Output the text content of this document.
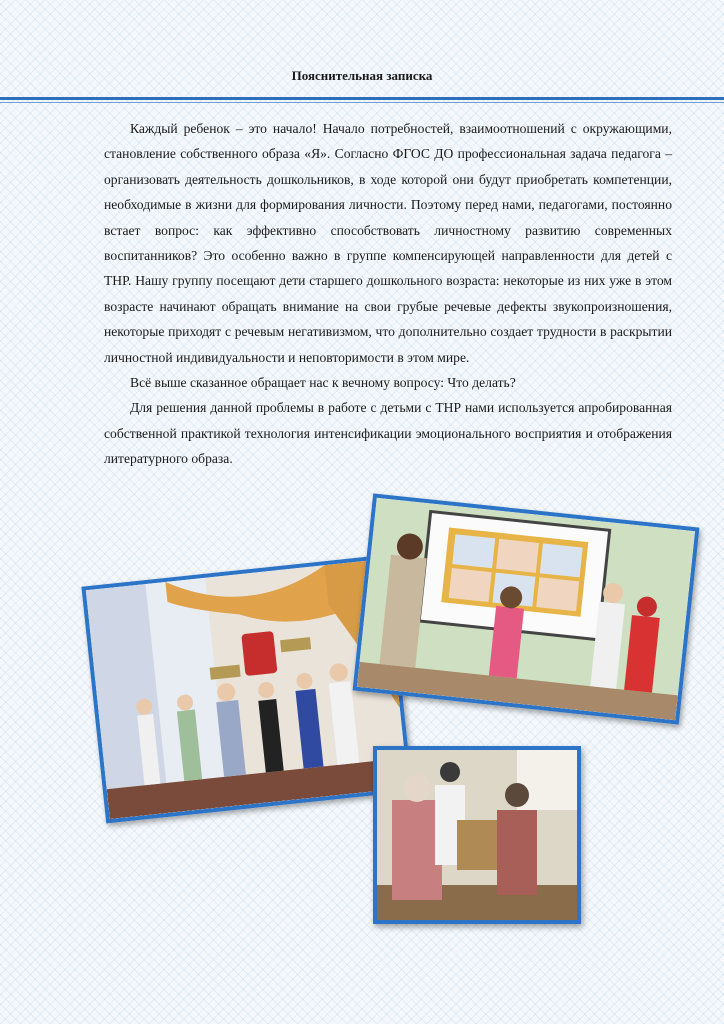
Пояснительная записка

Каждый ребенок – это начало! Начало потребностей, взаимоотношений с окружающими, становление собственного образа «Я». Согласно ФГОС ДО профессиональная задача педагога – организовать деятельность дошкольников, в ходе которой они будут приобретать компетенции, необходимые в жизни для формирования личности. Поэтому перед нами, педагогами, постоянно встает вопрос: как эффективно способствовать личностному развитию современных воспитанников? Это особенно важно в группе компенсирующей направленности для детей с ТНР. Нашу группу посещают дети старшего дошкольного возраста: некоторые из них уже в этом возрасте начинают обращать внимание на свои грубые речевые дефекты звукопроизношения, некоторые приходят с речевым негативизмом, что дополнительно создает трудности в раскрытии личностной индивидуальности и неповторимости в этом мире.

Всё выше сказанное обращает нас к вечному вопросу: Что делать?

Для решения данной проблемы в работе с детьми с ТНР нами используется апробированная собственной практикой технология интенсификации эмоционального восприятия и отображения литературного образа.
